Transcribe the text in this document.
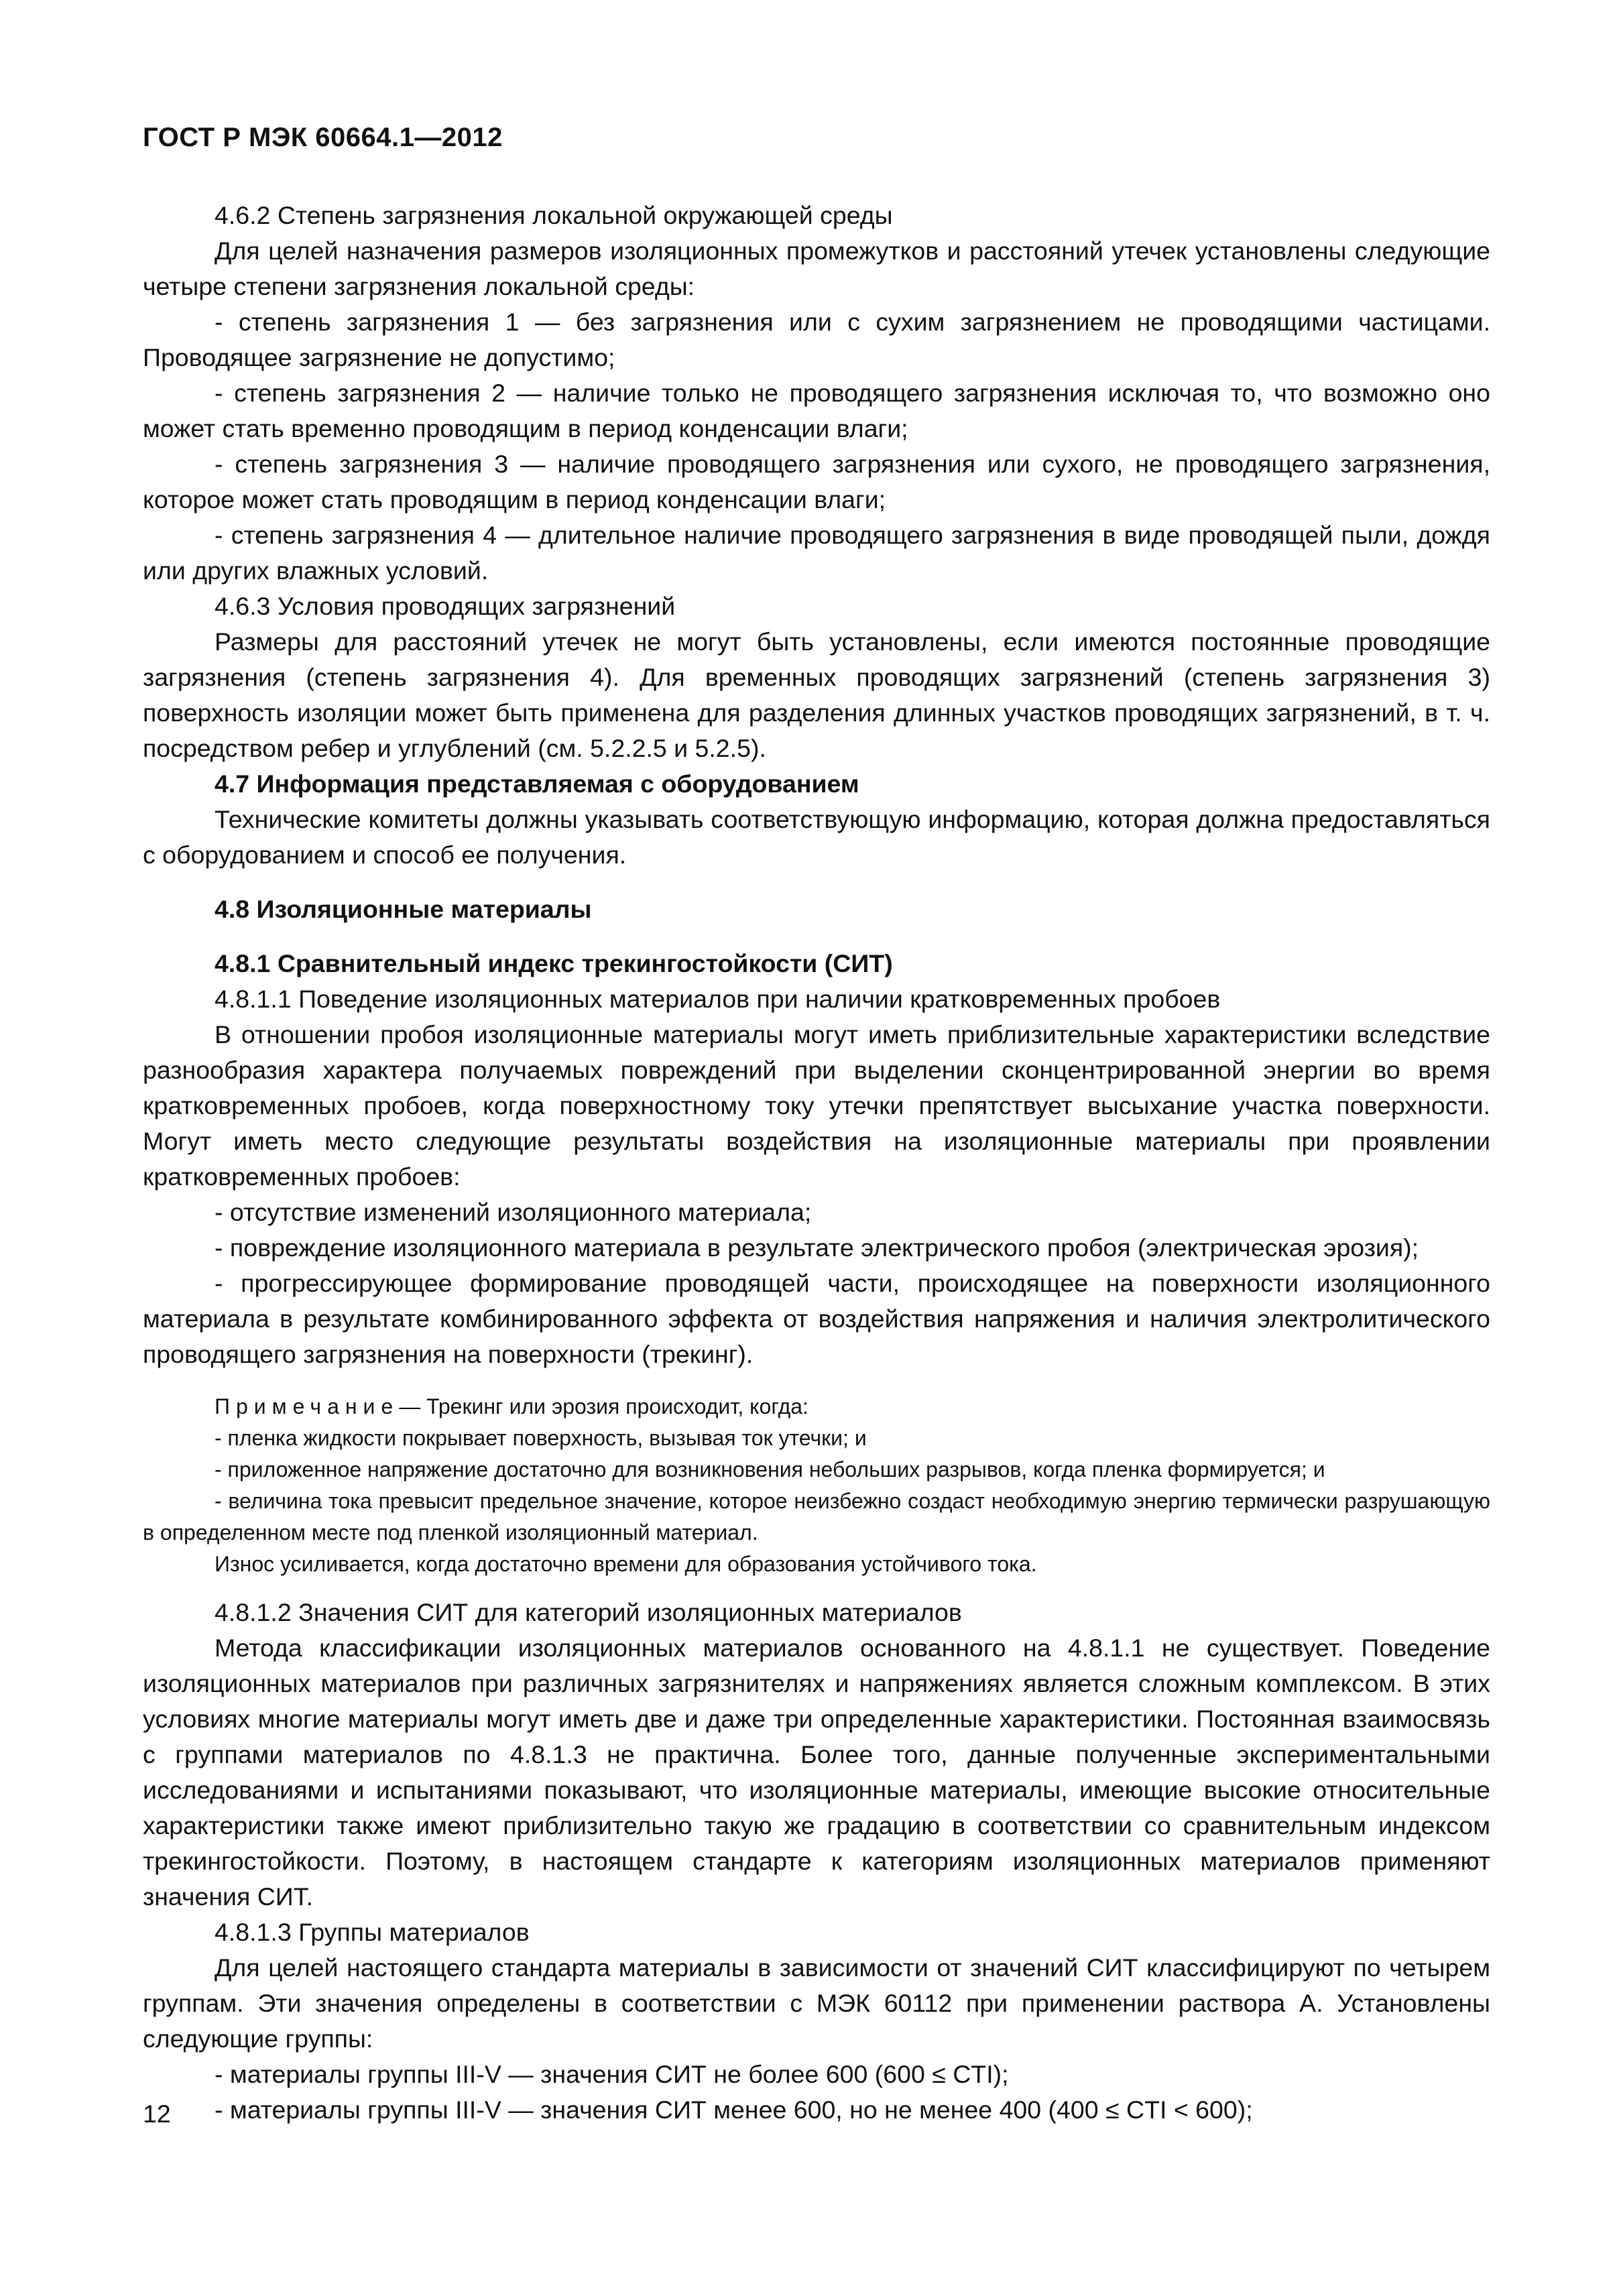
ГОСТ Р МЭК 60664.1—2012

4.6.2 Степень загрязнения локальной окружающей среды

Для целей назначения размеров изоляционных промежутков и расстояний утечек установлены следующие четыре степени загрязнения локальной среды:

- степень загрязнения 1 — без загрязнения или с сухим загрязнением не проводящими частицами. Проводящее загрязнение не допустимо;

- степень загрязнения 2 — наличие только не проводящего загрязнения исключая то, что возможно оно может стать временно проводящим в период конденсации влаги;

- степень загрязнения 3 — наличие проводящего загрязнения или сухого, не проводящего загрязнения, которое может стать проводящим в период конденсации влаги;

- степень загрязнения 4 — длительное наличие проводящего загрязнения в виде проводящей пыли, дождя или других влажных условий.

4.6.3 Условия проводящих загрязнений

Размеры для расстояний утечек не могут быть установлены, если имеются постоянные проводящие загрязнения (степень загрязнения 4). Для временных проводящих загрязнений (степень загрязнения 3) поверхность изоляции может быть применена для разделения длинных участков проводящих загрязнений, в т. ч. посредством ребер и углублений (см. 5.2.2.5 и 5.2.5).

4.7 Информация представляемая с оборудованием

Технические комитеты должны указывать соответствующую информацию, которая должна предоставляться с оборудованием и способ ее получения.

4.8 Изоляционные материалы

4.8.1 Сравнительный индекс трекингостойкости (СИТ)

4.8.1.1 Поведение изоляционных материалов при наличии кратковременных пробоев

В отношении пробоя изоляционные материалы могут иметь приблизительные характеристики вследствие разнообразия характера получаемых повреждений при выделении сконцентрированной энергии во время кратковременных пробоев, когда поверхностному току утечки препятствует высыхание участка поверхности. Могут иметь место следующие результаты воздействия на изоляционные материалы при проявлении кратковременных пробоев:

- отсутствие изменений изоляционного материала;

- повреждение изоляционного материала в результате электрического пробоя (электрическая эрозия);

- прогрессирующее формирование проводящей части, происходящее на поверхности изоляционного материала в результате комбинированного эффекта от воздействия напряжения и наличия электролитического проводящего загрязнения на поверхности (трекинг).

Примечание— Трекинг или эрозия происходит, когда:

- пленка жидкости покрывает поверхность, вызывая ток утечки; и

- приложенное напряжение достаточно для возникновения небольших разрывов, когда пленка формируется; и

- величина тока превысит предельное значение, которое неизбежно создаст необходимую энергию термически разрушающую в определенном месте под пленкой изоляционный материал.

Износ усиливается, когда достаточно времени для образования устойчивого тока.

4.8.1.2 Значения СИТ для категорий изоляционных материалов

Метода классификации изоляционных материалов основанного на 4.8.1.1 не существует. Поведение изоляционных материалов при различных загрязнителях и напряжениях является сложным комплексом. В этих условиях многие материалы могут иметь две и даже три определенные характеристики. Постоянная взаимосвязь с группами материалов по 4.8.1.3 не практична. Более того, данные полученные экспериментальными исследованиями и испытаниями показывают, что изоляционные материалы, имеющие высокие относительные характеристики также имеют приблизительно такую же градацию в соответствии со сравнительным индексом трекингостойкости. Поэтому, в настоящем стандарте к категориям изоляционных материалов применяют значения СИТ.

4.8.1.3 Группы материалов

Для целей настоящего стандарта материалы в зависимости от значений СИТ классифицируют по четырем группам. Эти значения определены в соответствии с МЭК 60112 при применении раствора А. Установлены следующие группы:

- материалы группы III-V — значения СИТ не более 600 (600 ≤ CTI);

- материалы группы III-V — значения СИТ менее 600, но не менее 400 (400 ≤ CTI < 600);

12
